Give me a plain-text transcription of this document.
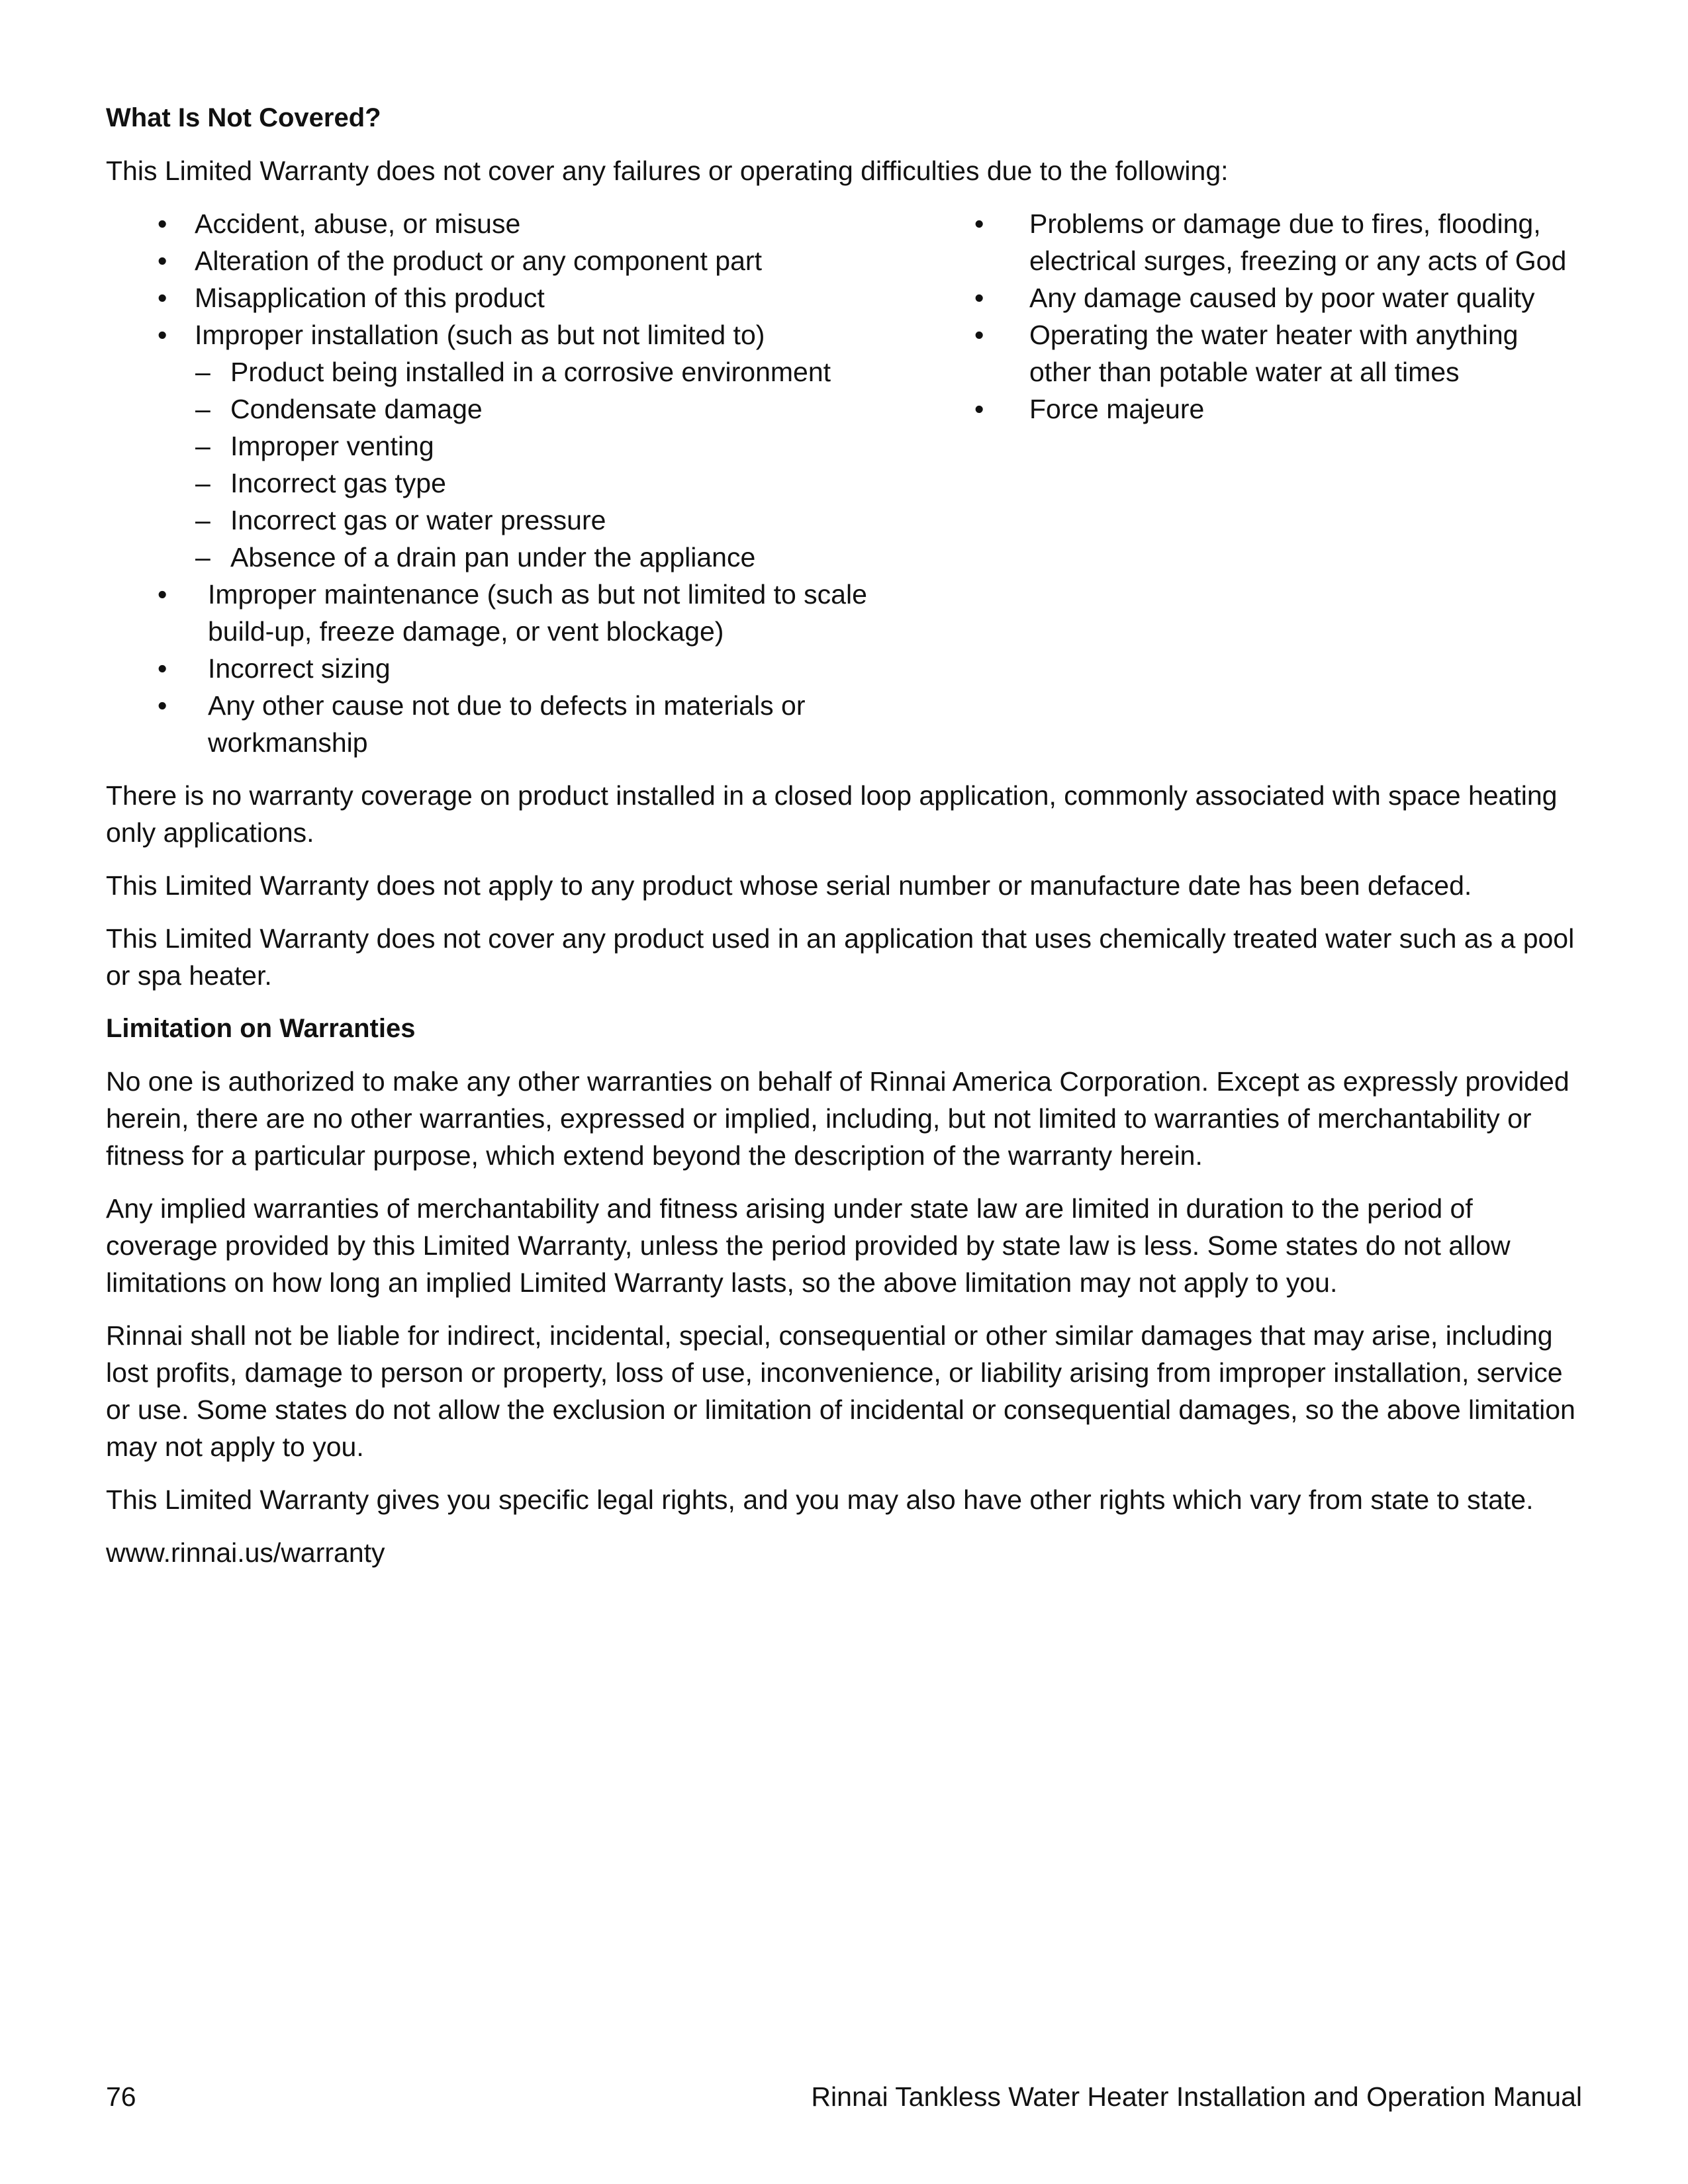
What Is Not Covered?
This Limited Warranty does not cover any failures or operating difficulties due to the following:
• Accident, abuse, or misuse
• Alteration of the product or any component part
• Misapplication of this product
• Improper installation (such as but not limited to)
– Product being installed in a corrosive environment
– Condensate damage
– Improper venting
– Incorrect gas type
– Incorrect gas or water pressure
– Absence of a drain pan under the appliance
• Improper maintenance (such as but not limited to scale build-up, freeze damage, or vent blockage)
• Incorrect sizing
• Any other cause not due to defects in materials or workmanship
• Problems or damage due to fires, flooding, electrical surges, freezing or any acts of God
• Any damage caused by poor water quality
• Operating the water heater with anything other than potable water at all times
• Force majeure
There is no warranty coverage on product installed in a closed loop application, commonly associated with space heating only applications.
This Limited Warranty does not apply to any product whose serial number or manufacture date has been defaced.
This Limited Warranty does not cover any product used in an application that uses chemically treated water such as a pool or spa heater.
Limitation on Warranties
No one is authorized to make any other warranties on behalf of Rinnai America Corporation. Except as expressly provided herein, there are no other warranties, expressed or implied, including, but not limited to warranties of merchantability or fitness for a particular purpose, which extend beyond the description of the warranty herein.
Any implied warranties of merchantability and fitness arising under state law are limited in duration to the period of coverage provided by this Limited Warranty, unless the period provided by state law is less. Some states do not allow limitations on how long an implied Limited Warranty lasts, so the above limitation may not apply to you.
Rinnai shall not be liable for indirect, incidental, special, consequential or other similar damages that may arise, including lost profits, damage to person or property, loss of use, inconvenience, or liability arising from improper installation, service or use. Some states do not allow the exclusion or limitation of incidental or consequential damages, so the above limitation may not apply to you.
This Limited Warranty gives you specific legal rights, and you may also have other rights which vary from state to state.
www.rinnai.us/warranty
76	Rinnai Tankless Water Heater Installation and Operation Manual
